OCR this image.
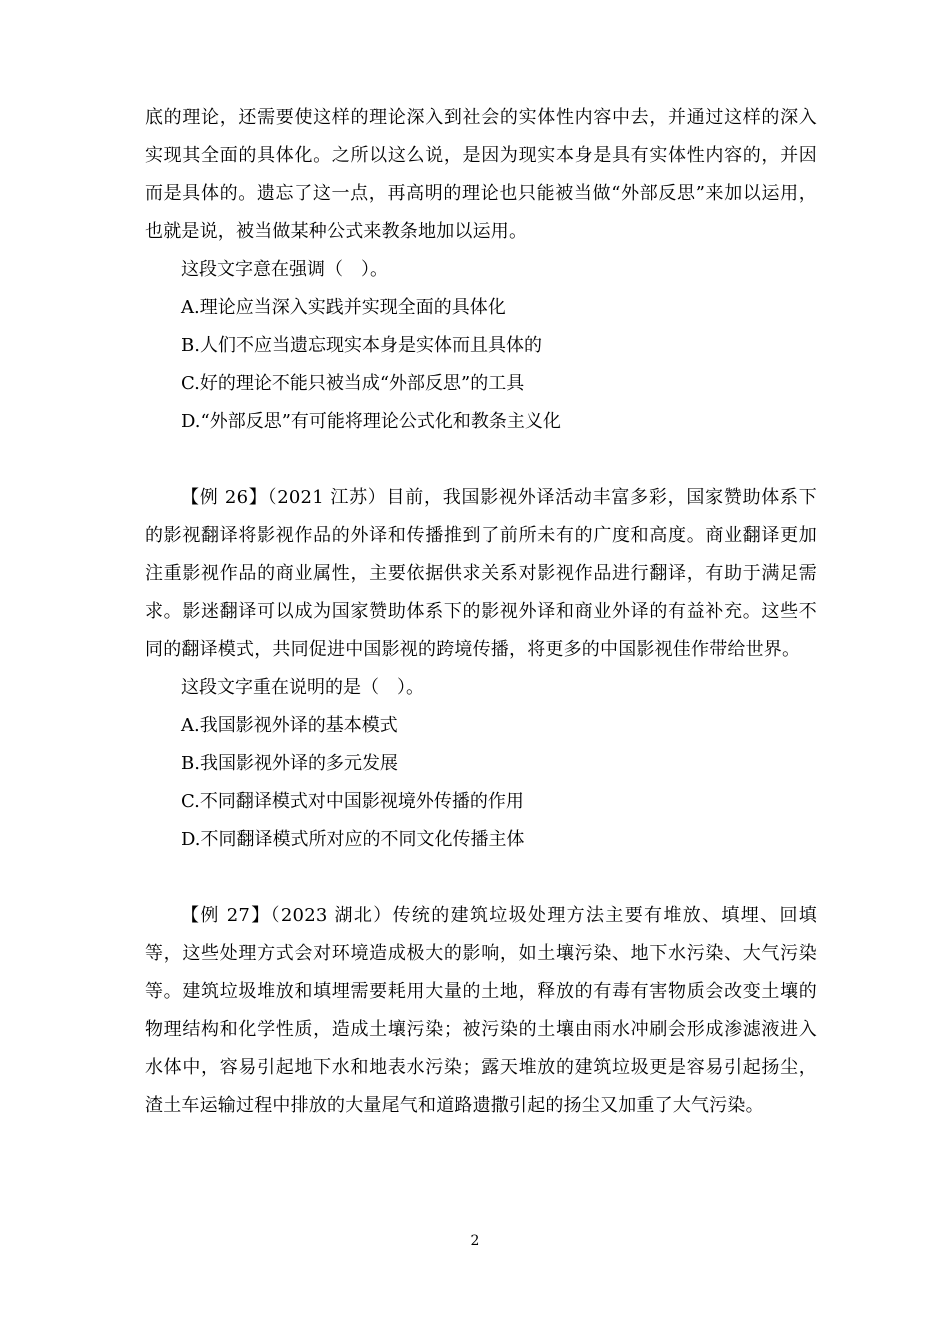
底的理论，还需要使这样的理论深入到社会的实体性内容中去，并通过这样的深入实现其全面的具体化。之所以这么说，是因为现实本身是具有实体性内容的，并因而是具体的。遗忘了这一点，再高明的理论也只能被当做“外部反思”来加以运用，也就是说，被当做某种公式来教条地加以运用。

这段文字意在强调（　）。

A.理论应当深入实践并实现全面的具体化
B.人们不应当遗忘现实本身是实体而且具体的
C.好的理论不能只被当成“外部反思”的工具
D.“外部反思”有可能将理论公式化和教条主义化

【例 26】（2021 江苏）目前，我国影视外译活动丰富多彩，国家赞助体系下的影视翻译将影视作品的外译和传播推到了前所未有的广度和高度。商业翻译更加注重影视作品的商业属性，主要依据供求关系对影视作品进行翻译，有助于满足需求。影迷翻译可以成为国家赞助体系下的影视外译和商业外译的有益补充。这些不同的翻译模式，共同促进中国影视的跨境传播，将更多的中国影视佳作带给世界。

这段文字重在说明的是（　）。

A.我国影视外译的基本模式
B.我国影视外译的多元发展
C.不同翻译模式对中国影视境外传播的作用
D.不同翻译模式所对应的不同文化传播主体

【例 27】（2023 湖北）传统的建筑垃圾处理方法主要有堆放、填埋、回填等，这些处理方式会对环境造成极大的影响，如土壤污染、地下水污染、大气污染等。建筑垃圾堆放和填埋需要耗用大量的土地，释放的有毒有害物质会改变土壤的物理结构和化学性质，造成土壤污染；被污染的土壤由雨水冲刷会形成渗滤液进入水体中，容易引起地下水和地表水污染；露天堆放的建筑垃圾更是容易引起扬尘，渣土车运输过程中排放的大量尾气和道路遗撒引起的扬尘又加重了大气污染。

2
